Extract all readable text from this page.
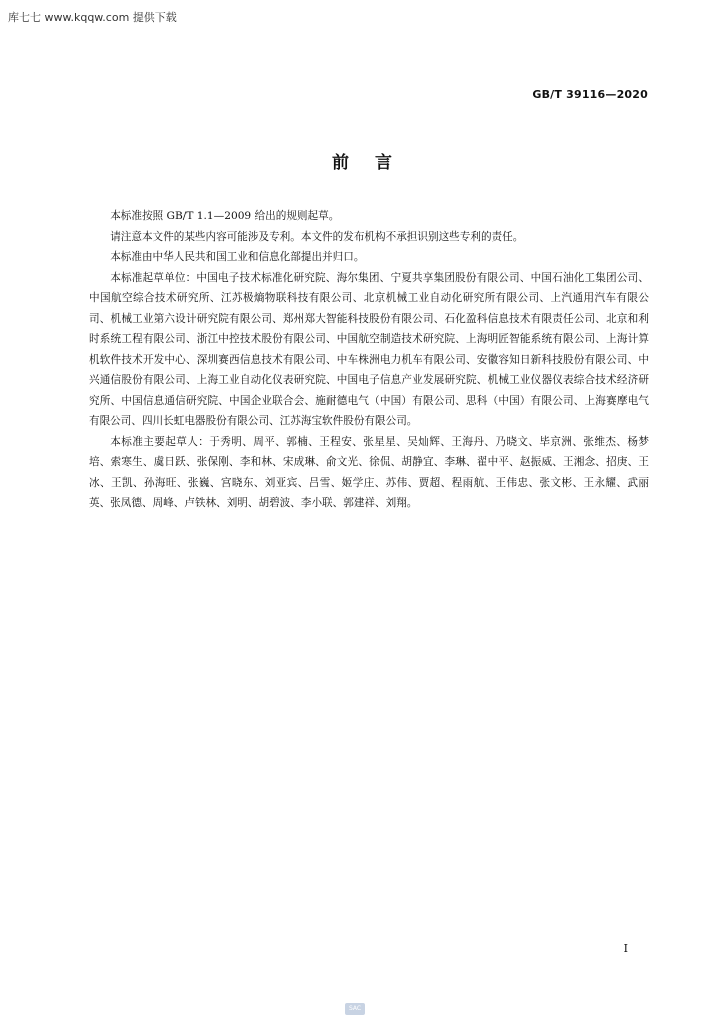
库七七 www.kqqw.com 提供下载
GB/T 39116—2020
前言

本标准按照 GB/T 1.1—2009 给出的规则起草。

请注意本文件的某些内容可能涉及专利。本文件的发布机构不承担识别这些专利的责任。

本标准由中华人民共和国工业和信息化部提出并归口。

本标准起草单位：中国电子技术标准化研究院、海尔集团、宁夏共享集团股份有限公司、中国石油化工集团公司、中国航空综合技术研究所、江苏极熵物联科技有限公司、北京机械工业自动化研究所有限公司、上汽通用汽车有限公司、机械工业第六设计研究院有限公司、郑州郑大智能科技股份有限公司、石化盈科信息技术有限责任公司、北京和利时系统工程有限公司、浙江中控技术股份有限公司、中国航空制造技术研究院、上海明匠智能系统有限公司、上海计算机软件技术开发中心、深圳赛西信息技术有限公司、中车株洲电力机车有限公司、安徽容知日新科技股份有限公司、中兴通信股份有限公司、上海工业自动化仪表研究院、中国电子信息产业发展研究院、机械工业仪器仪表综合技术经济研究所、中国信息通信研究院、中国企业联合会、施耐德电气（中国）有限公司、思科（中国）有限公司、上海赛摩电气有限公司、四川长虹电器股份有限公司、江苏海宝软件股份有限公司。

本标准主要起草人：于秀明、周平、郭楠、王程安、张星星、吴灿辉、王海丹、乃晓文、毕京洲、张维杰、杨梦培、索寒生、虞日跃、张保刚、李和林、宋成琳、俞文光、徐侃、胡静宜、李琳、翟中平、赵振威、王湘念、招庚、王冰、王凯、孙海旺、张巍、宫晓东、刘亚宾、吕雪、姬学庄、苏伟、贾超、程雨航、王伟忠、张文彬、王永耀、武丽英、张凤德、周峰、卢铁林、刘明、胡碧波、李小联、郭建祥、刘翔。

I
SAC
